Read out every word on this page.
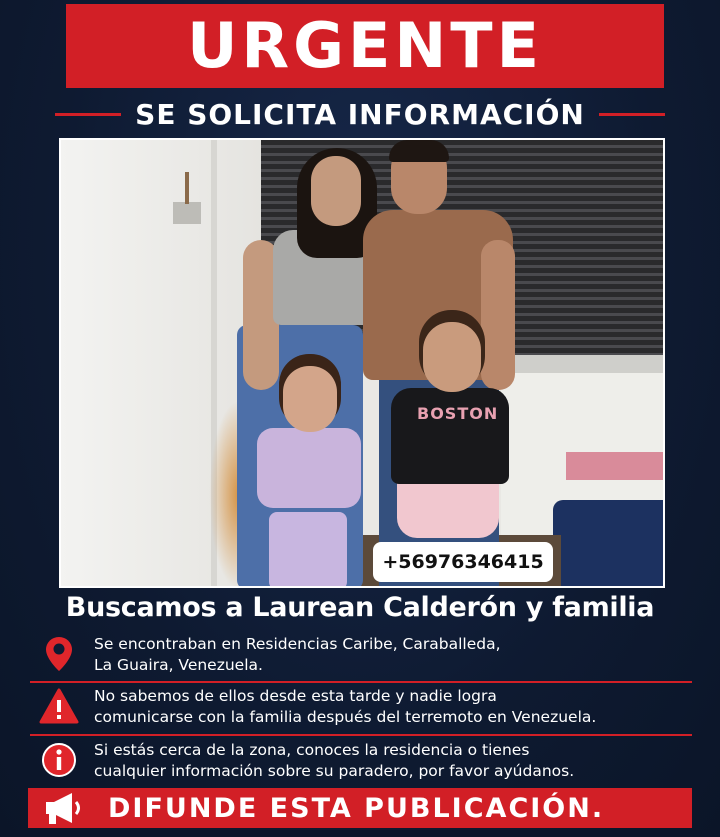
URGENTE
SE SOLICITA INFORMACIÓN
BOSTON
+56976346415
Buscamos a Laurean Calderón y familia
Se encontraban en Residencias Caribe, Caraballeda,
La Guaira, Venezuela.
No sabemos de ellos desde esta tarde y nadie logra
comunicarse con la familia después del terremoto en Venezuela.
Si estás cerca de la zona, conoces la residencia o tienes
cualquier información sobre su paradero, por favor ayúdanos.
DIFUNDE ESTA PUBLICACIÓN.
